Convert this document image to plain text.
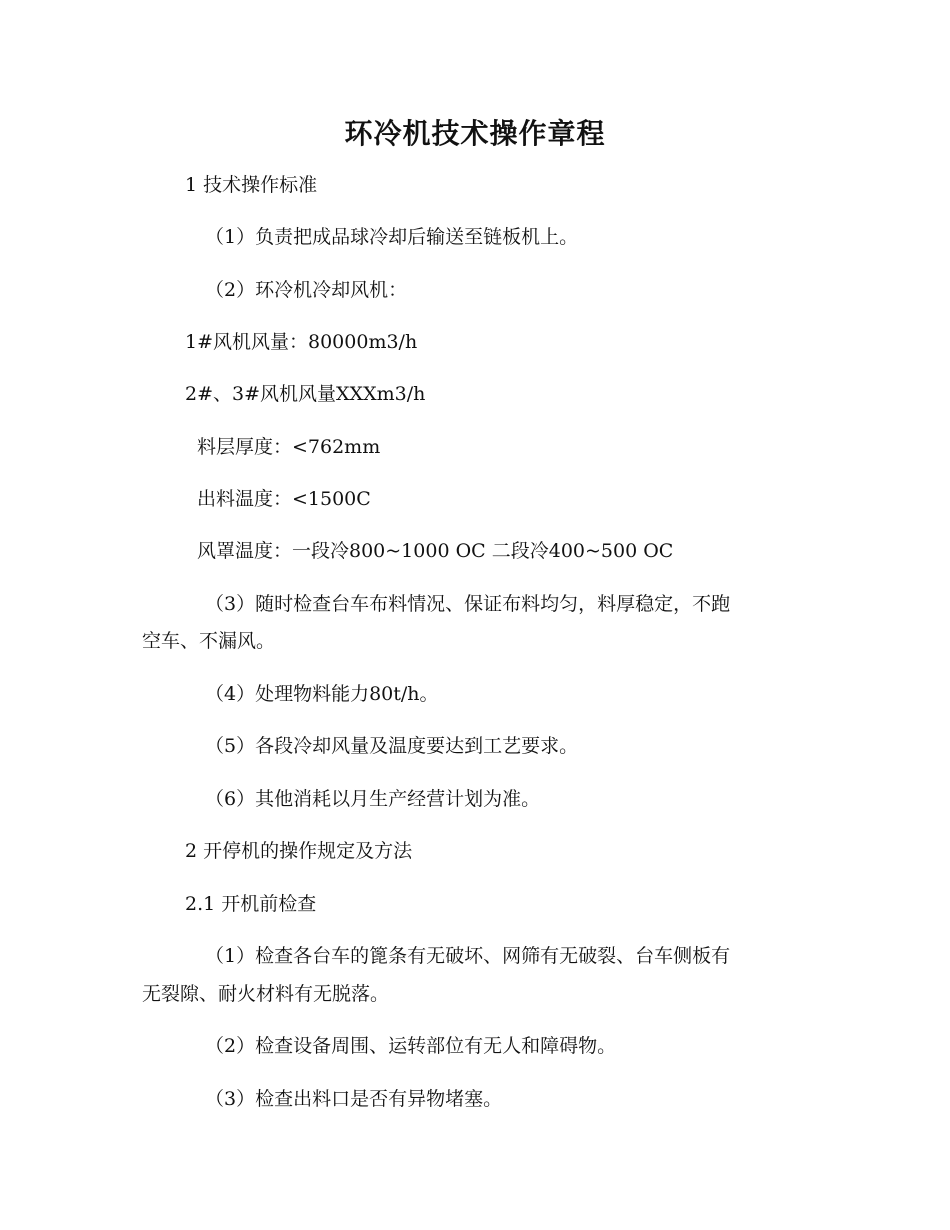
环冷机技术操作章程
1 技术操作标准
（1）负责把成品球冷却后输送至链板机上。
（2）环冷机冷却风机：
1#风机风量：80000m3/h
2#、3#风机风量XXXm3/h
料层厚度：<762mm
出料温度：<1500C
风罩温度：一段冷800~1000 OC 二段冷400~500 OC
（3）随时检查台车布料情况、保证布料均匀，料厚稳定，不跑
空车、不漏风。
（4）处理物料能力80t/h。
（5）各段冷却风量及温度要达到工艺要求。
（6）其他消耗以月生产经营计划为准。
2 开停机的操作规定及方法
2.1 开机前检查
（1）检查各台车的篦条有无破坏、网筛有无破裂、台车侧板有
无裂隙、耐火材料有无脱落。
（2）检查设备周围、运转部位有无人和障碍物。
（3）检查出料口是否有异物堵塞。
